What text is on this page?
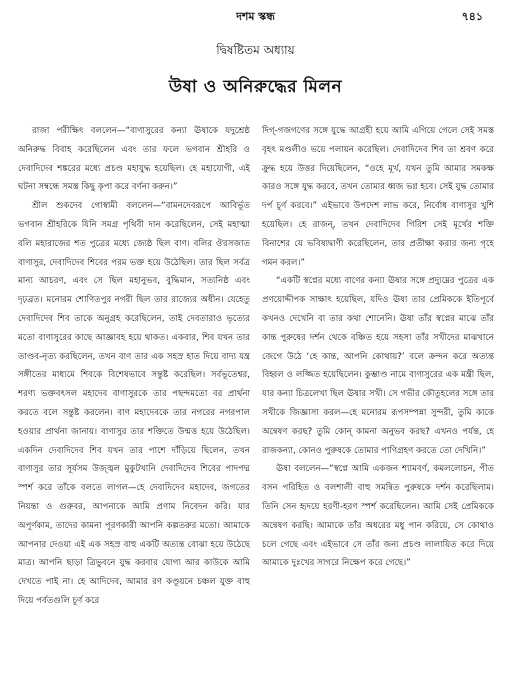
দশম স্কন্ধ	৭৪১
দ্বিষষ্টিতম অধ্যায়
উষা ও অনিরুদ্ধের মিলন

রাজা পরীক্ষিৎ বললেন—“বাণাসুরের কন্যা ঊষাকে যদুশ্রেষ্ঠ অনিরুদ্ধ বিবাহ করেছিলেন এবং তার ফলে ভগবান শ্রীহরি ও দেবাদিদেব শঙ্করের মধ্যে প্রচণ্ড মহাযুদ্ধ হয়েছিল। হে মহাযোগী, এই ঘটনা সম্বন্ধে সমস্ত কিছু কৃপা করে বর্ণনা করুন।”

শ্রীল শুকদেব গোস্বামী বললেন—“বামনদেবরূপে আবির্ভূত ভগবান শ্রীহরিকে যিনি সমগ্র পৃথিবী দান করেছিলেন, সেই মহাত্মা বলি মহারাজের শত পুত্রের মধ্যে জ্যেষ্ঠ ছিল বাণ। বলির ঔরসজাত বাণাসুর, দেবাদিদেব শিবের পরম ভক্ত হয়ে উঠেছিল। তার ছিল সর্বত্র মান্য আচরণ, এবং সে ছিল মহানুভব, বুদ্ধিমান, সত্যনিষ্ঠ এবং দৃঢ়ব্রত। মনোরম শোণিতপুর নগরী ছিল তার রাজ্যের অধীন। যেহেতু দেবাদিদেব শিব তাকে অনুগ্রহ করেছিলেন, তাই দেবতারাও ভৃত্যের মতো বাণাসুরের কাছে আজ্ঞাবহ হয়ে থাকত। একবার, শিব যখন তার তাণ্ডব-নৃত্য করছিলেন, তখন বাণ তার এক সহস্র হাত দিয়ে বাদ্য যন্ত্র সঙ্গীতের মাধ্যমে শিবকে বিশেষভাবে সন্তুষ্ট করেছিল। সর্বভূতেশ্বর, শরণ্য ভক্তবৎসল মহাদেব বাণাসুরকে তার পছন্দমতো বর প্রার্থনা করতে বলে সন্তুষ্ট করলেন। বাণ মহাদেবকে তার নগরের নগরপাল হওয়ার প্রার্থনা জানায়। বাণাসুর তার শক্তিতে উন্মত্ত হয়ে উঠেছিল। একদিন দেবাদিদেব শিব যখন তার পাশে দাঁড়িয়ে ছিলেন, তখন বাণাসুর তার সূর্যসম উজ্জ্বল মুকুটখানি দেবাদিদেব শিবের পাদপদ্ম স্পর্শ করে তাঁকে বলতে লাগল—হে দেবাদিদেব মহাদেব, জগতের নিয়ন্তা ও গুরুবর, আপনাকে আমি প্রণাম নিবেদন করি। যার অপূর্ণকাম, তাদের কামনা পূরণকারী আপনি কল্পতরুর মতো। আমাকে আপনার দেওয়া এই এক সহস্র বাহু একটি অত্যন্ত বোঝা হয়ে উঠেছে মাত্র। আপনি ছাড়া ত্রিভুবনে যুদ্ধ করবার যোগ্য আর কাউকে আমি দেখতে পাই না। হে আদিদেব, আমার রণ কণ্ডূয়নে চঞ্চল যুক্ত বাহু দিয়ে পর্বতগুলি চূর্ণ করে

দিগ্‌-গজগণের সঙ্গে যুদ্ধে আগ্রহী হয়ে আমি এগিয়ে গেলে সেই সমস্ত বৃহৎ মণ্ডলীও ভয়ে পলায়ন করেছিল। দেবাদিদেব শিব তা শ্রবণ করে ক্রুদ্ধ হয়ে উত্তর দিয়েছিলেন, “ওহে মূর্খ, যখন তুমি আমার সমকক্ষ কারও সঙ্গে যুদ্ধ করবে, তখন তোমার ধ্বজ ভগ্ন হবে। সেই যুদ্ধ তোমার দর্প চূর্ণ করবে।” এইভাবে উপদেশ লাভ করে, নির্বোধ বাণাসুর খুশি হয়েছিল। হে রাজন্, তখন দেবাদিদেব গিরিশ সেই মূর্খের শক্তি বিনাশের যে ভবিষ্যদ্বাণী করেছিলেন, তার প্রতীক্ষা করার জন্য গৃহে গমন করল।”

“একটি স্বপ্নের মধ্যে বাণের কন্যা ঊষার সঙ্গে প্রদ্যুম্নের পুত্রের এক প্রণয়োদ্দীপক সাক্ষাৎ হয়েছিল, যদিও ঊষা তার প্রেমিককে ইতিপূর্বে কখনও দেখেনি বা তার কথা শোনেনি। ঊষা তাঁর স্বপ্নের মাঝে তাঁর কান্ত পুরুষের দর্শন থেকে বঞ্চিত হয়ে সহসা তাঁর সখীদের মাঝখানে জেগে উঠে ‘হে কান্ত, আপনি কোথায়?’ বলে ক্রন্দন করে অত্যন্ত বিহ্বল ও লজ্জিত হয়েছিলেন। কুম্ভাণ্ড নামে বাণাসুরের এক মন্ত্রী ছিল, যার কন্যা চিত্রলেখা ছিল ঊষার সখী। সে গভীর কৌতূহলের সঙ্গে তার সখীকে জিজ্ঞাসা করল—হে মনোরম রূপসম্পন্না সুন্দরী, তুমি কাকে অন্বেষণ করছ? তুমি কোন্ কামনা অনুভব করছ? এখনও পর্যন্ত, হে রাজকন্যা, কোনও পুরুষকে তোমার পাণিগ্রহণ করতে তো দেখিনি।”

ঊষা বললেন—“স্বপ্নে আমি একজন শ্যামবর্ণ, কমললোচন, পীত বসন পরিহিত ও বলশালী বাহু সমন্বিত পুরুষকে দর্শন করেছিলাম। তিনি সেন হৃদয়ে হরণী-হরণ স্পর্শ করেছিলেন। আমি সেই প্রেমিককে অন্বেষণ করছি। আমাকে তাঁর অধরের মধু পান করিয়ে, সে কোথাও চলে গেছে এবং এইভাবে সে তাঁর জন্য প্রচণ্ড লালায়িত করে দিয়ে আমাকে দুঃখের সাগরে নিক্ষেপ করে গেছে।”
